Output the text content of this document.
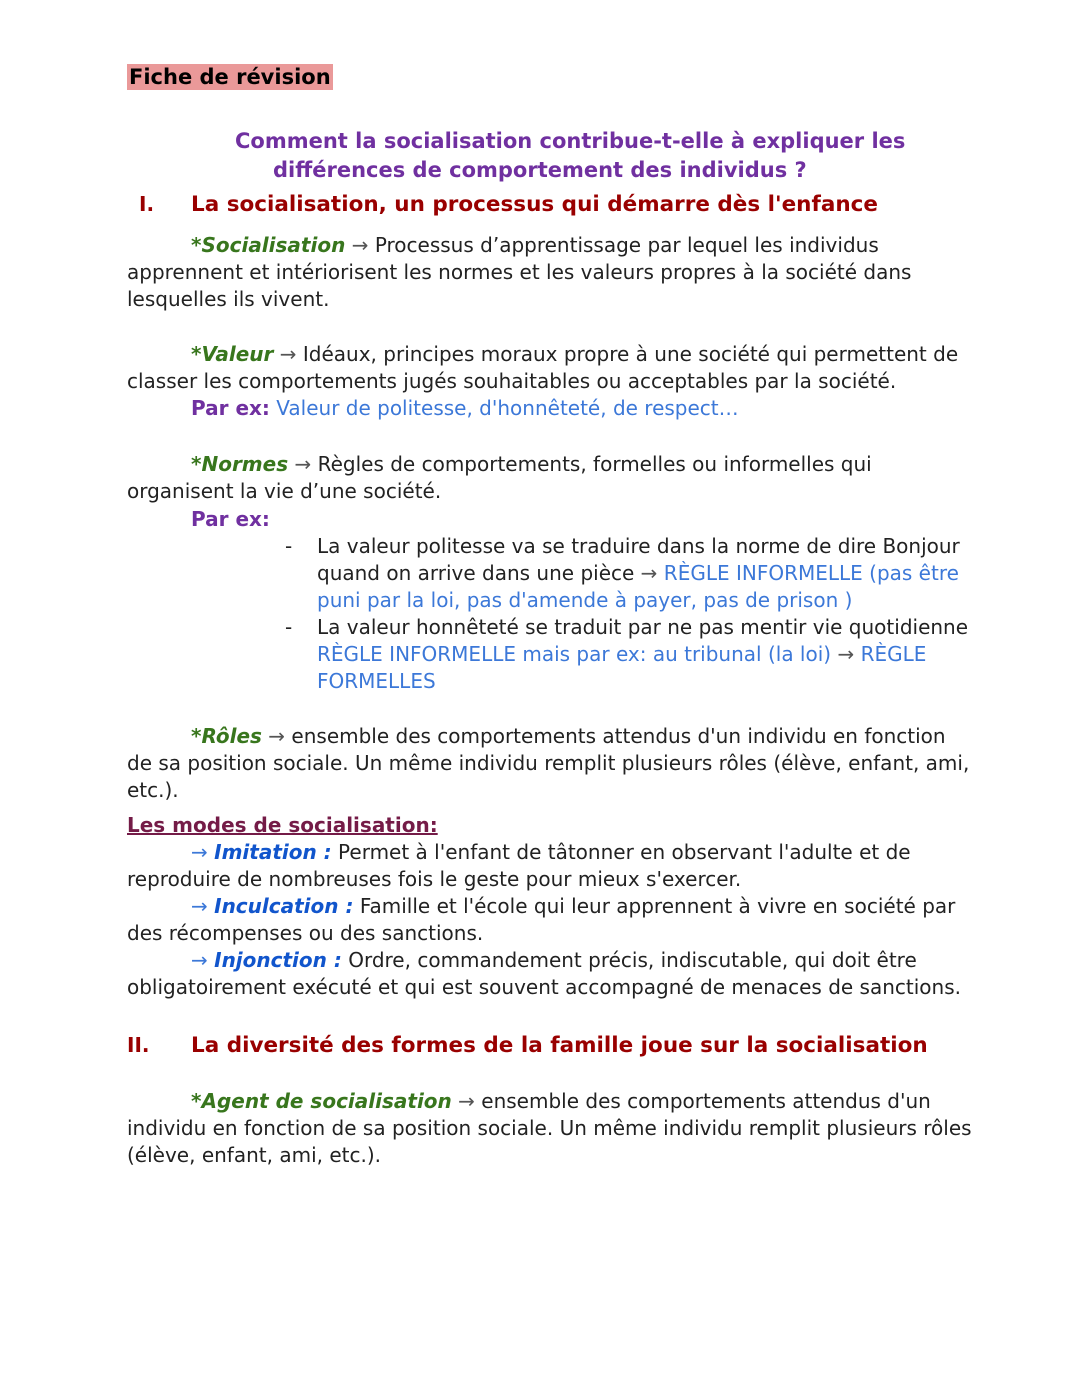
Fiche de révision
Comment la socialisation contribue-t-elle à expliquer les
différences de comportement des individus ?
I. La socialisation, un processus qui démarre dès l'enfance
*Socialisation → Processus d’apprentissage par lequel les individus
apprennent et intériorisent les normes et les valeurs propres à la société dans
lesquelles ils vivent.
*Valeur → Idéaux, principes moraux propre à une société qui permettent de
classer les comportements jugés souhaitables ou acceptables par la société.
Par ex: Valeur de politesse, d'honnêteté, de respect…
*Normes → Règles de comportements, formelles ou informelles qui
organisent la vie d’une société.
Par ex:
- La valeur politesse va se traduire dans la norme de dire Bonjour
quand on arrive dans une pièce → RÈGLE INFORMELLE (pas être
puni par la loi, pas d'amende à payer, pas de prison )
- La valeur honnêteté se traduit par ne pas mentir vie quotidienne
RÈGLE INFORMELLE mais par ex: au tribunal (la loi) → RÈGLE
FORMELLES
*Rôles → ensemble des comportements attendus d'un individu en fonction
de sa position sociale. Un même individu remplit plusieurs rôles (élève, enfant, ami,
etc.).
Les modes de socialisation:
→ Imitation : Permet à l'enfant de tâtonner en observant l'adulte et de
reproduire de nombreuses fois le geste pour mieux s'exercer.
→ Inculcation : Famille et l'école qui leur apprennent à vivre en société par
des récompenses ou des sanctions.
→ Injonction : Ordre, commandement précis, indiscutable, qui doit être
obligatoirement exécuté et qui est souvent accompagné de menaces de sanctions.
II. La diversité des formes de la famille joue sur la socialisation
*Agent de socialisation → ensemble des comportements attendus d'un
individu en fonction de sa position sociale. Un même individu remplit plusieurs rôles
(élève, enfant, ami, etc.).
